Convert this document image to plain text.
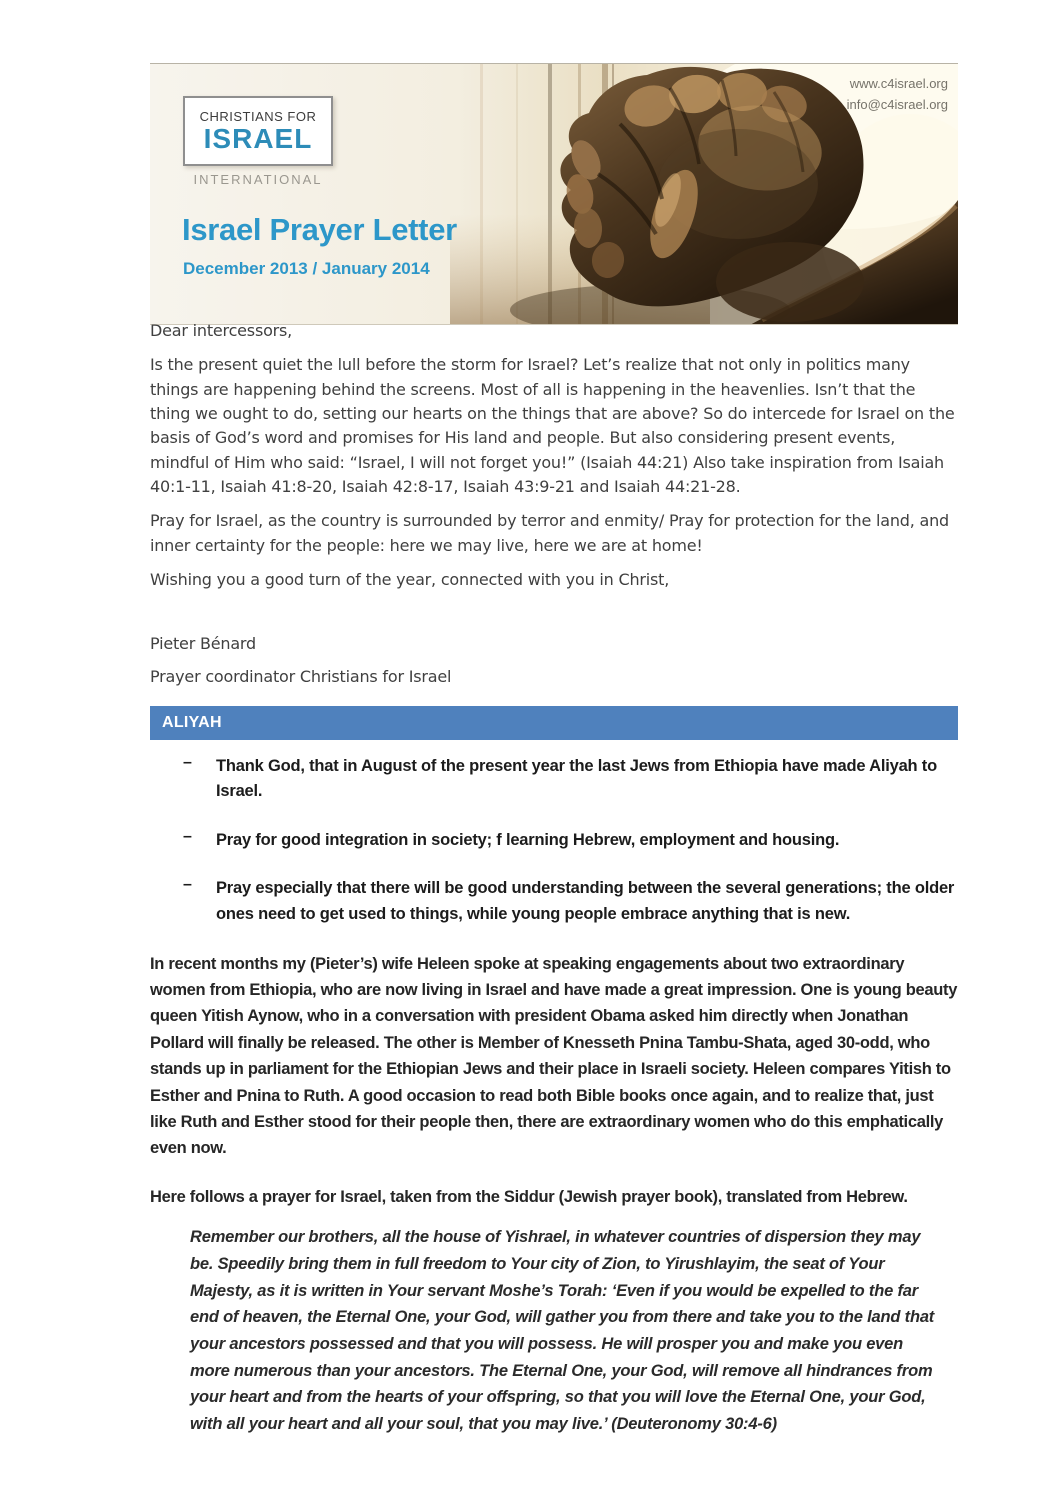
CHRISTIANS FOR
ISRAEL
INTERNATIONAL
Israel Prayer Letter
December 2013 / January 2014
www.c4israel.org
info@c4israel.org

Dear intercessors,

Is the present quiet the lull before the storm for Israel? Let’s realize that not only in politics many things are happening behind the screens. Most of all is happening in the heavenlies. Isn’t that the thing we ought to do, setting our hearts on the things that are above? So do intercede for Israel on the basis of God’s word and promises for His land and people. But also considering present events, mindful of Him who said: “Israel, I will not forget you!” (Isaiah 44:21) Also take inspiration from Isaiah 40:1-11, Isaiah 41:8-20, Isaiah 42:8-17, Isaiah 43:9-21 and Isaiah 44:21-28.

Pray for Israel, as the country is surrounded by terror and enmity/ Pray for protection for the land, and inner certainty for the people: here we may live, here we are at home!

Wishing you a good turn of the year, connected with you in Christ,

Pieter Bénard
Prayer coordinator Christians for Israel
ALIYAH
–	Thank God, that in August of the present year the last Jews from Ethiopia have made Aliyah to Israel.
–	Pray for good integration in society; f learning Hebrew, employment and housing.
–	Pray especially that there will be good understanding between the several generations; the older ones need to get used to things, while young people embrace anything that is new.

In recent months my (Pieter’s) wife Heleen spoke at speaking engagements about two extraordinary women from Ethiopia, who are now living in Israel and have made a great impression. One is young beauty queen Yitish Aynow, who in a conversation with president Obama asked him directly when Jonathan Pollard will finally be released. The other is Member of Knesseth Pnina Tambu-Shata, aged 30-odd, who stands up in parliament for the Ethiopian Jews and their place in Israeli society. Heleen compares Yitish to Esther and Pnina to Ruth. A good occasion to read both Bible books once again, and to realize that, just like Ruth and Esther stood for their people then, there are extraordinary women who do this emphatically even now.

Here follows a prayer for Israel, taken from the Siddur (Jewish prayer book), translated from Hebrew.

Remember our brothers, all the house of Yishrael, in whatever countries of dispersion they may be. Speedily bring them in full freedom to Your city of Zion, to Yirushlayim, the seat of Your Majesty, as it is written in Your servant Moshe’s Torah: ‘Even if you would be expelled to the far end of heaven, the Eternal One, your God, will gather you from there and take you to the land that your ancestors possessed and that you will possess. He will prosper you and make you even more numerous than your ancestors. The Eternal One, your God, will remove all hindrances from your heart and from the hearts of your offspring, so that you will love the Eternal One, your God, with all your heart and all your soul, that you may live.’ (Deuteronomy 30:4-6)
